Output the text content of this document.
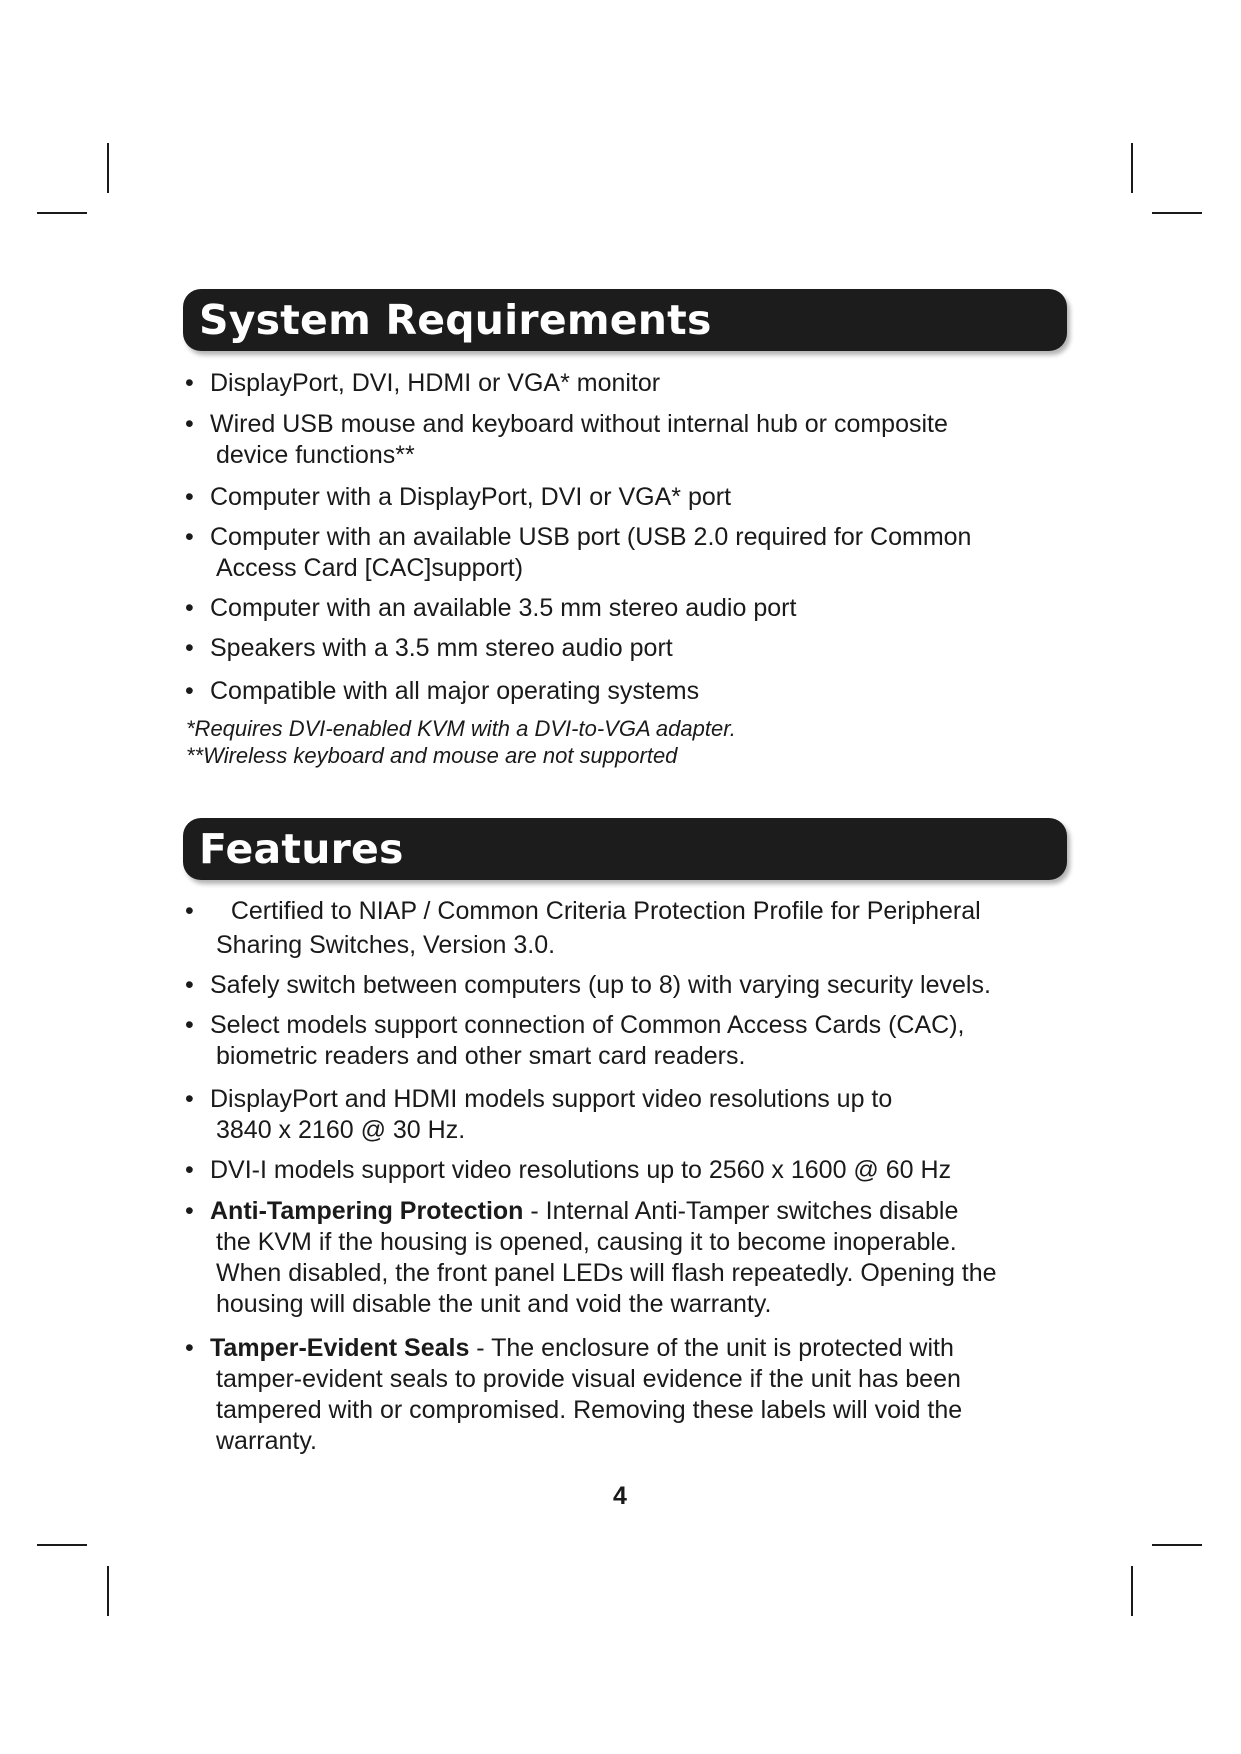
System Requirements
• DisplayPort, DVI, HDMI or VGA* monitor
• Wired USB mouse and keyboard without internal hub or composite
device functions**
• Computer with a DisplayPort, DVI or VGA* port
• Computer with an available USB port (USB 2.0 required for Common
Access Card [CAC]support)
• Computer with an available 3.5 mm stereo audio port
• Speakers with a 3.5 mm stereo audio port
• Compatible with all major operating systems
*Requires DVI-enabled KVM with a DVI-to-VGA adapter.
**Wireless keyboard and mouse are not supported
Features
• Certified to NIAP / Common Criteria Protection Profile for Peripheral
Sharing Switches, Version 3.0.
• Safely switch between computers (up to 8) with varying security levels.
• Select models support connection of Common Access Cards (CAC),
biometric readers and other smart card readers.
• DisplayPort and HDMI models support video resolutions up to
3840 x 2160 @ 30 Hz.
• DVI-I models support video resolutions up to 2560 x 1600 @ 60 Hz
• Anti-Tampering Protection - Internal Anti-Tamper switches disable
the KVM if the housing is opened, causing it to become inoperable.
When disabled, the front panel LEDs will flash repeatedly. Opening the
housing will disable the unit and void the warranty.
• Tamper-Evident Seals - The enclosure of the unit is protected with
tamper-evident seals to provide visual evidence if the unit has been
tampered with or compromised. Removing these labels will void the
warranty.
4
